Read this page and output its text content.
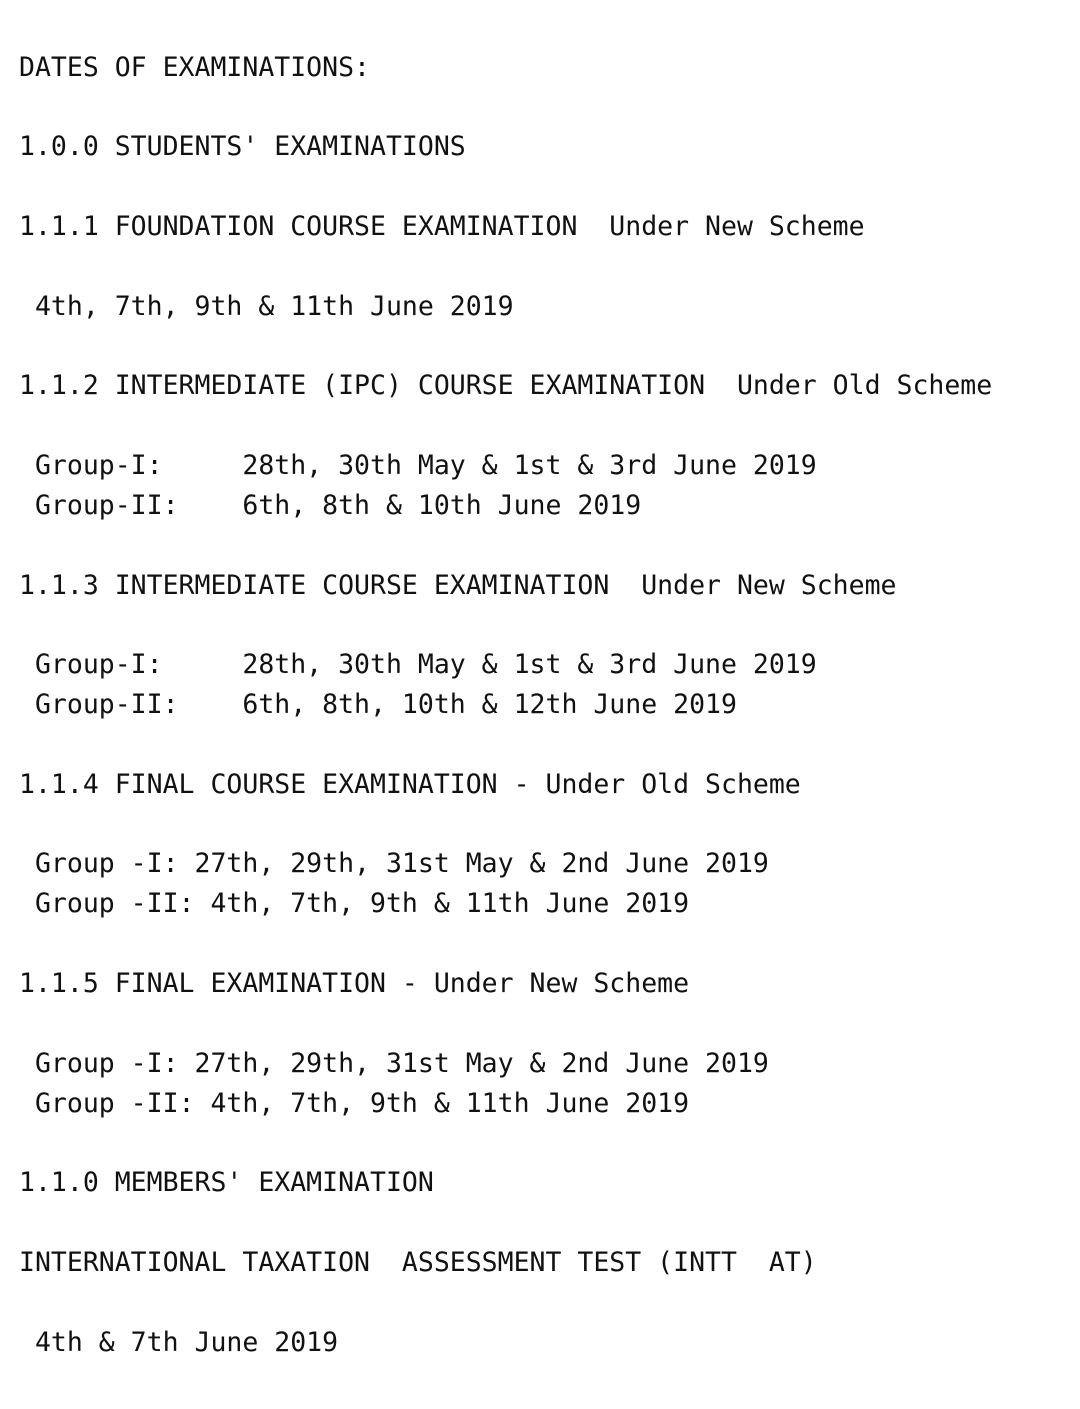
DATES OF EXAMINATIONS:
1.0.0 STUDENTS' EXAMINATIONS
1.1.1 FOUNDATION COURSE EXAMINATION  Under New Scheme
4th, 7th, 9th & 11th June 2019
1.1.2 INTERMEDIATE (IPC) COURSE EXAMINATION  Under Old Scheme
Group-I:     28th, 30th May & 1st & 3rd June 2019
Group-II:    6th, 8th & 10th June 2019
1.1.3 INTERMEDIATE COURSE EXAMINATION  Under New Scheme
Group-I:     28th, 30th May & 1st & 3rd June 2019
Group-II:    6th, 8th, 10th & 12th June 2019
1.1.4 FINAL COURSE EXAMINATION - Under Old Scheme
Group -I: 27th, 29th, 31st May & 2nd June 2019
Group -II: 4th, 7th, 9th & 11th June 2019
1.1.5 FINAL EXAMINATION - Under New Scheme
Group -I: 27th, 29th, 31st May & 2nd June 2019
Group -II: 4th, 7th, 9th & 11th June 2019
1.1.0 MEMBERS' EXAMINATION
INTERNATIONAL TAXATION  ASSESSMENT TEST (INTT  AT)
4th & 7th June 2019
